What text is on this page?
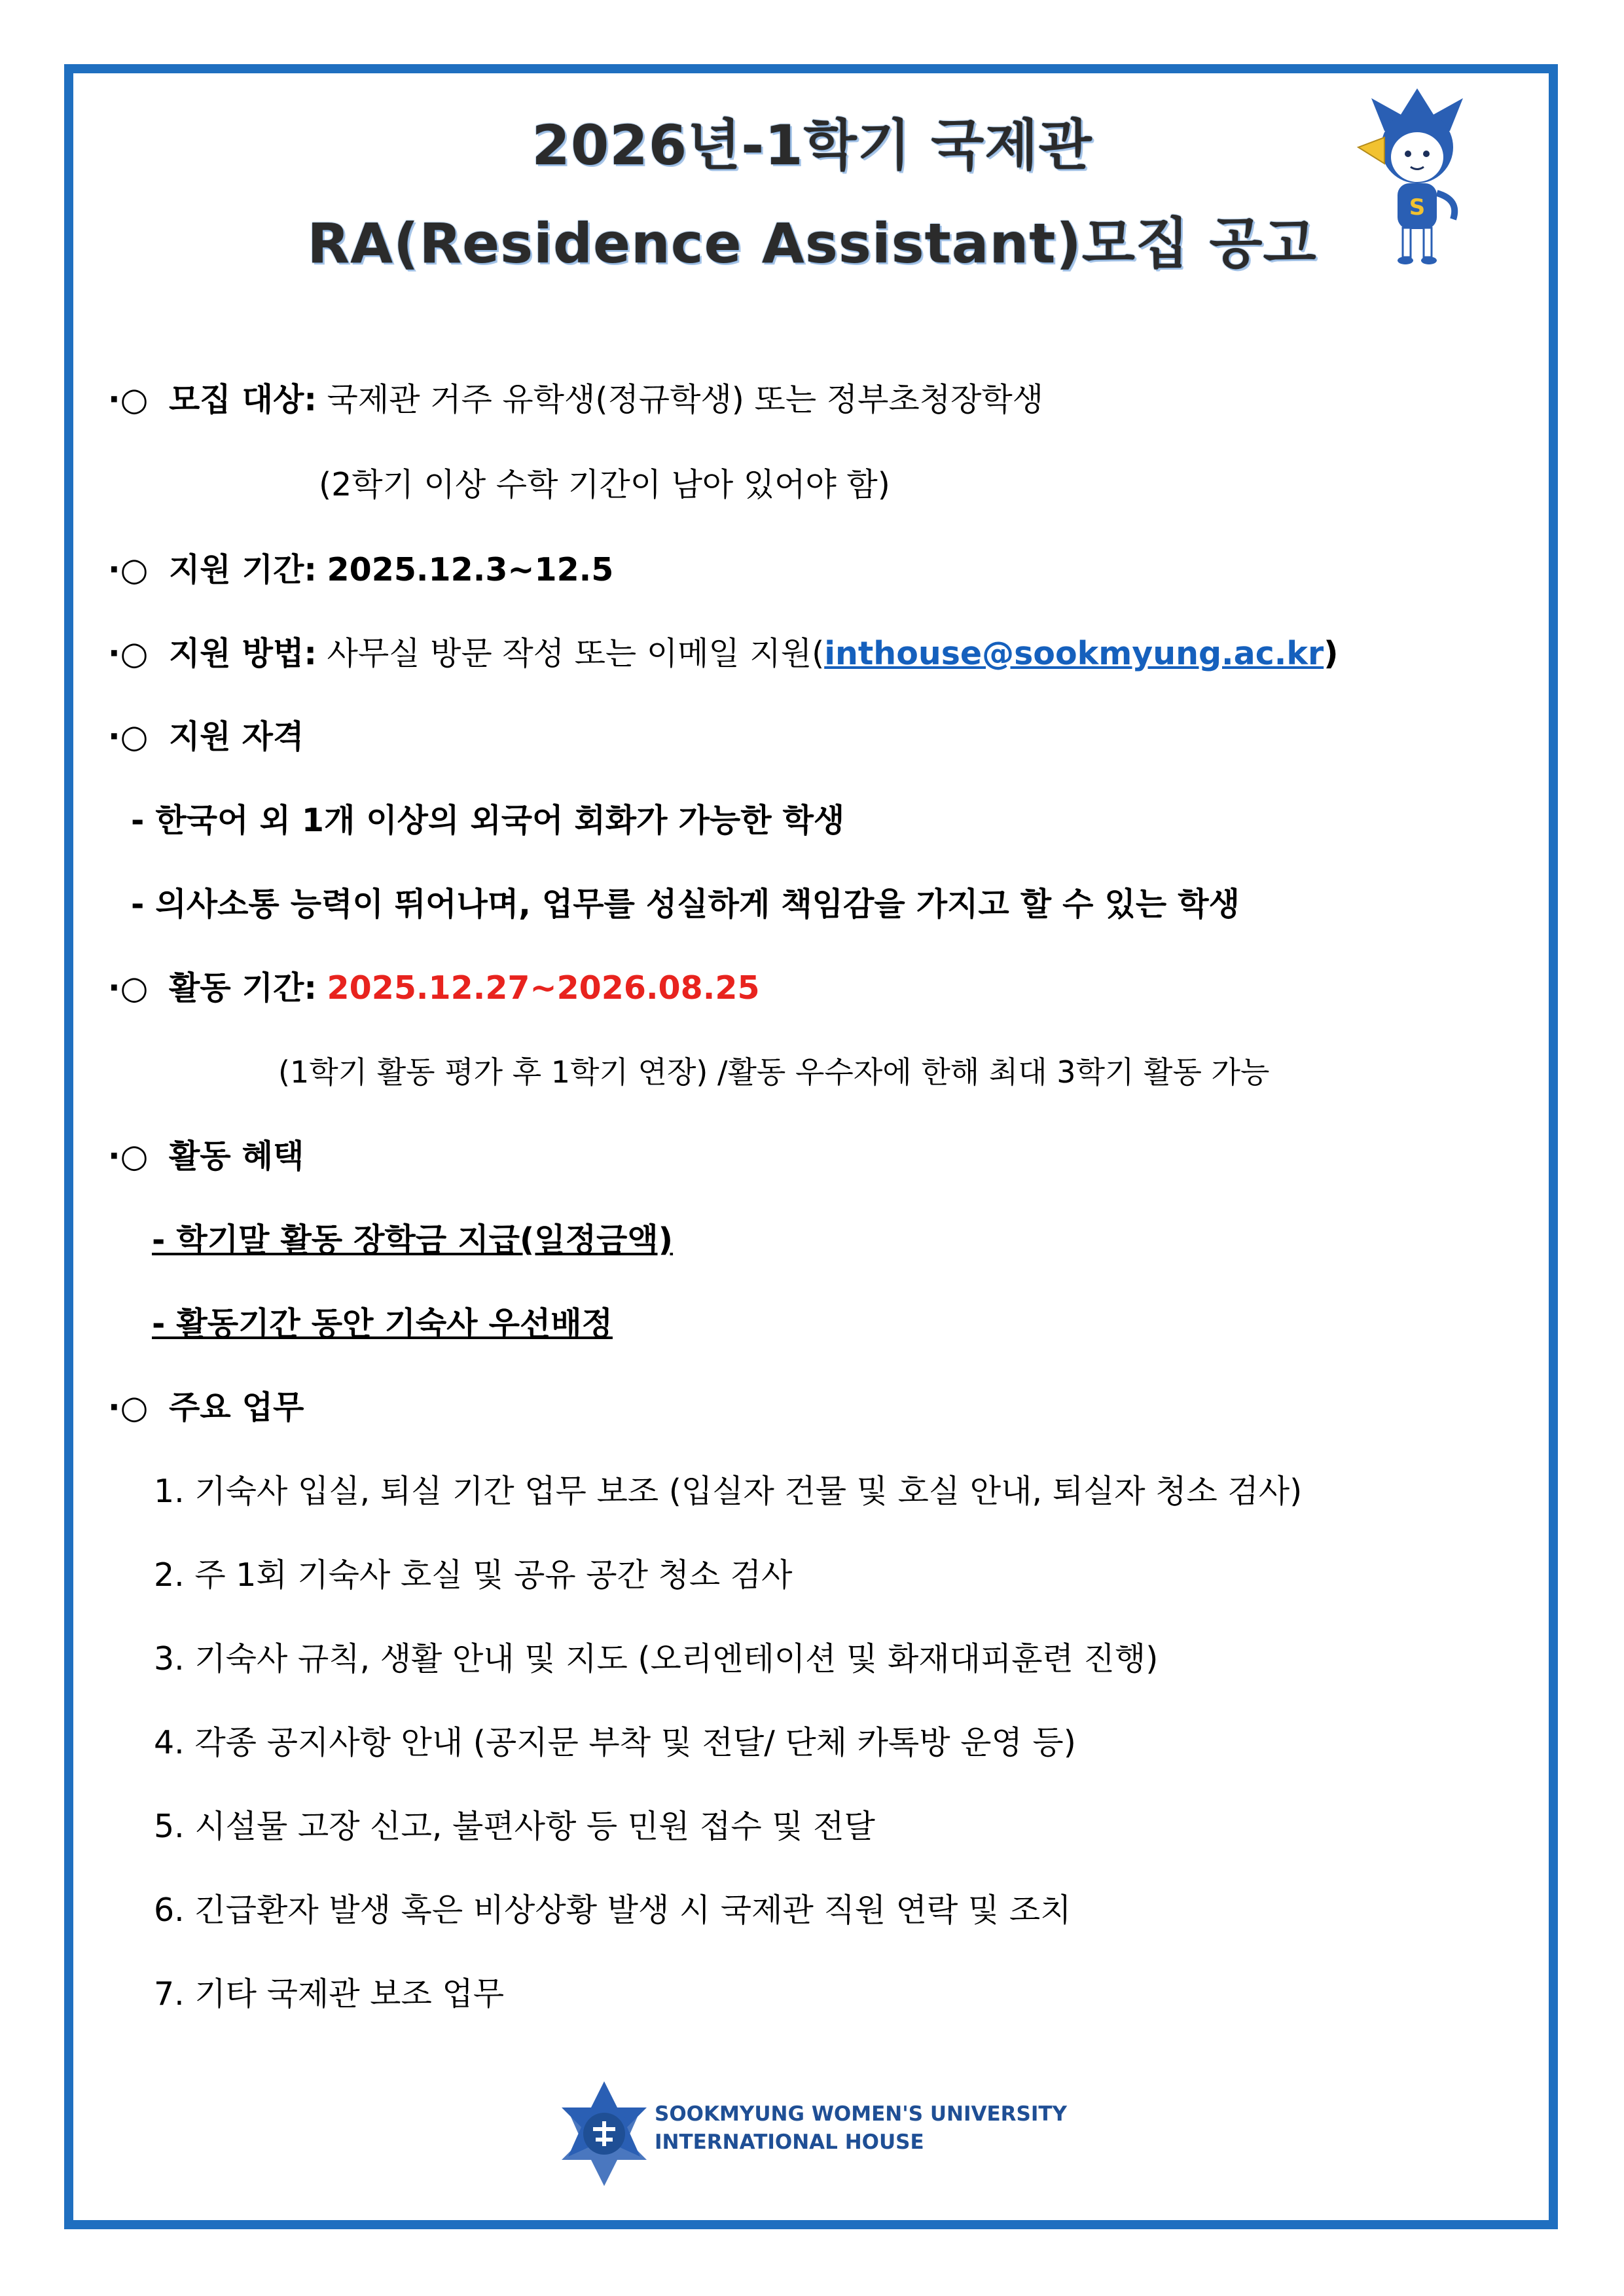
2026년-1학기 국제관
RA(Residence Assistant)모집 공고
S
·○ 모집 대상: 국제관 거주 유학생(정규학생) 또는 정부초청장학생
(2학기 이상 수학 기간이 남아 있어야 함)
·○ 지원 기간: 2025.12.3~12.5
·○ 지원 방법: 사무실 방문 작성 또는 이메일 지원(inthouse@sookmyung.ac.kr)
·○ 지원 자격
- 한국어 외 1개 이상의 외국어 회화가 가능한 학생
- 의사소통 능력이 뛰어나며, 업무를 성실하게 책임감을 가지고 할 수 있는 학생
·○ 활동 기간: 2025.12.27~2026.08.25
(1학기 활동 평가 후 1학기 연장) /활동 우수자에 한해 최대 3학기 활동 가능
·○ 활동 혜택
- 학기말 활동 장학금 지급(일정금액)
- 활동기간 동안 기숙사 우선배정
·○ 주요 업무
1. 기숙사 입실, 퇴실 기간 업무 보조 (입실자 건물 및 호실 안내, 퇴실자 청소 검사)
2. 주 1회 기숙사 호실 및 공유 공간 청소 검사
3. 기숙사 규칙, 생활 안내 및 지도 (오리엔테이션 및 화재대피훈련 진행)
4. 각종 공지사항 안내 (공지문 부착 및 전달/ 단체 카톡방 운영 등)
5. 시설물 고장 신고, 불편사항 등 민원 접수 및 전달
6. 긴급환자 발생 혹은 비상상황 발생 시 국제관 직원 연락 및 조치
7. 기타 국제관 보조 업무
SOOKMYUNG WOMEN'S UNIVERSITY
INTERNATIONAL HOUSE
